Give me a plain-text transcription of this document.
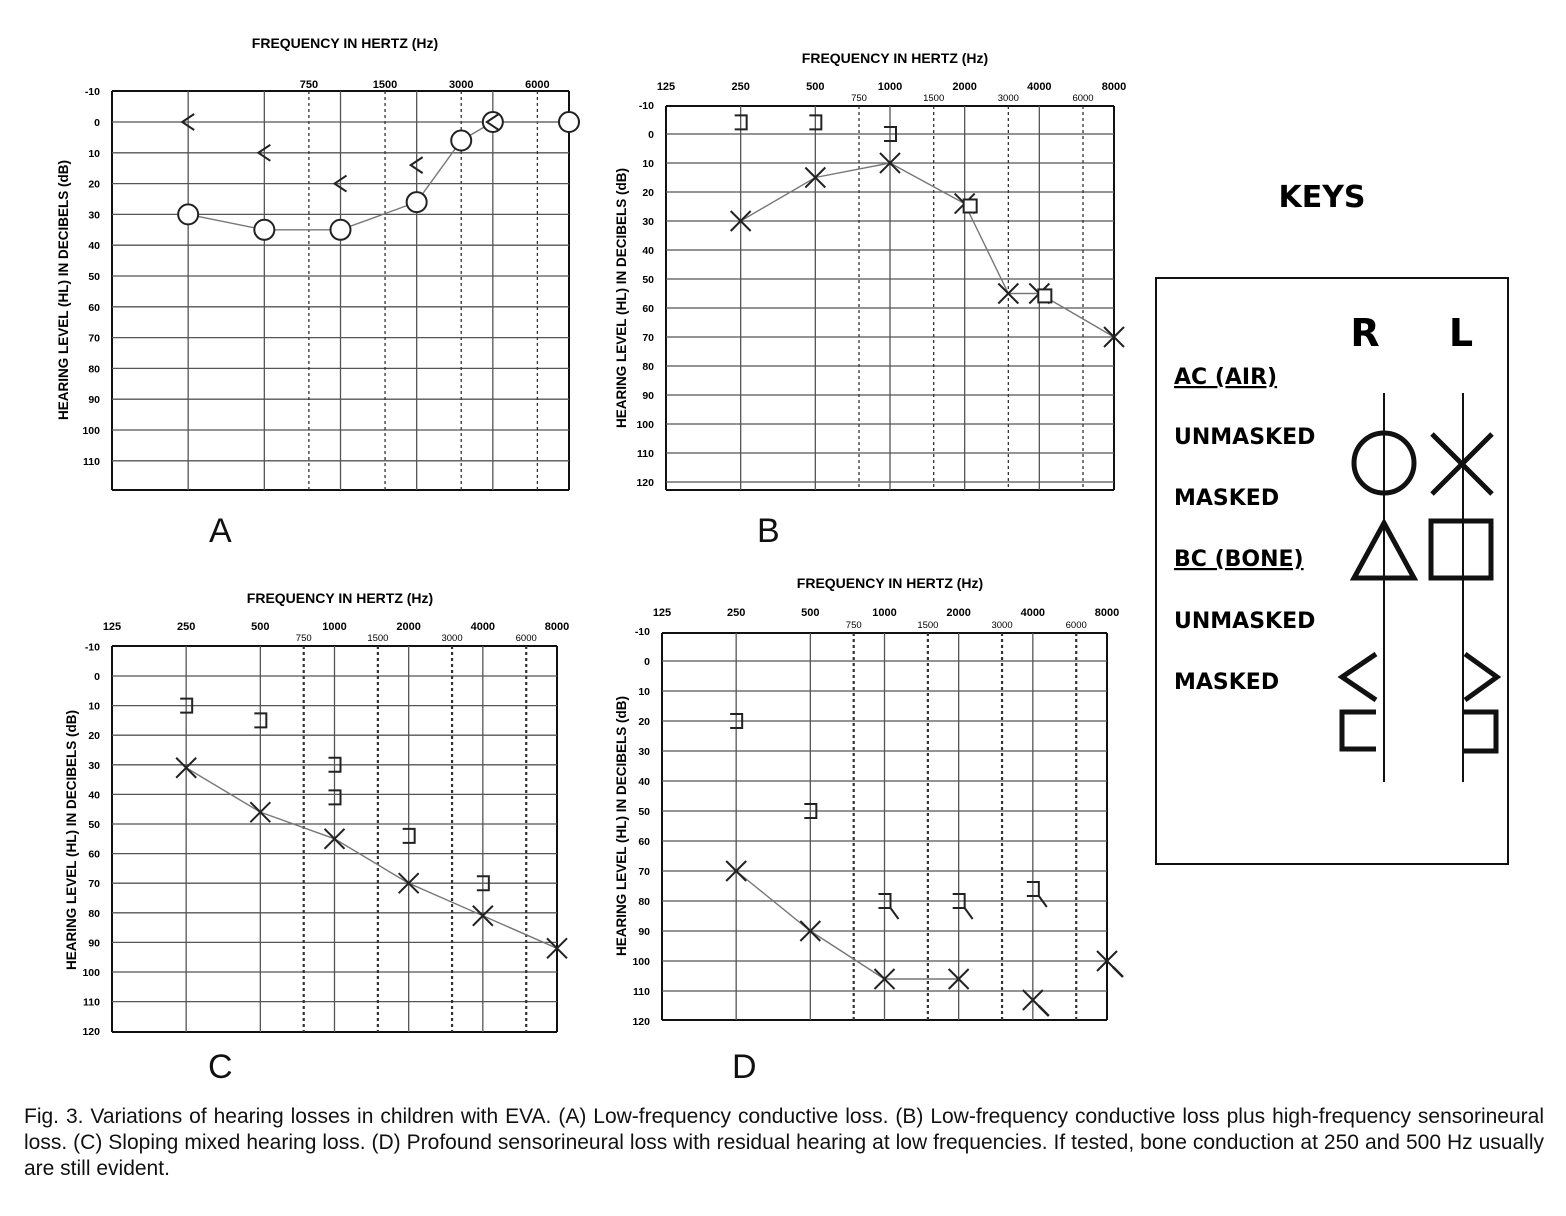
FREQUENCY IN HERTZ (Hz)
HEARING LEVEL (HL) IN DECIBELS (dB)
-10
0
10
20
30
40
50
60
70
80
90
100
110
750	1500	3000	6000
FREQUENCY IN HERTZ (Hz)
HEARING LEVEL (HL) IN DECIBELS (dB)
-10
0
10
20
30
40
50
60
70
80
90
100
110
120
125	250	500	1000	2000	4000	8000
750	1500	3000	6000
FREQUENCY IN HERTZ (Hz)
HEARING LEVEL (HL) IN DECIBELS (dB)
-10
0
10
20
30
40
50
60
70
80
90
100
110
120
125	250	500	1000	2000	4000	8000
750	1500	3000	6000
FREQUENCY IN HERTZ (Hz)
HEARING LEVEL (HL) IN DECIBELS (dB)
-10
0
10
20
30
40
50
60
70
80
90
100
110
120
125	250	500	1000	2000	4000	8000
750	1500	3000	6000
KEYS
R L
AC (AIR)
UNMASKED
MASKED
BC (BONE)
UNMASKED
MASKED
A	B
C	D
Fig. 3. Variations of hearing losses in children with EVA. (A) Low-frequency conductive loss. (B) Low-frequency conductive loss plus high-frequency sensorineural loss. (C) Sloping mixed hearing loss. (D) Profound sensorineural loss with residual hearing at low frequencies. If tested, bone conduction at 250 and 500 Hz usually are still evident.
